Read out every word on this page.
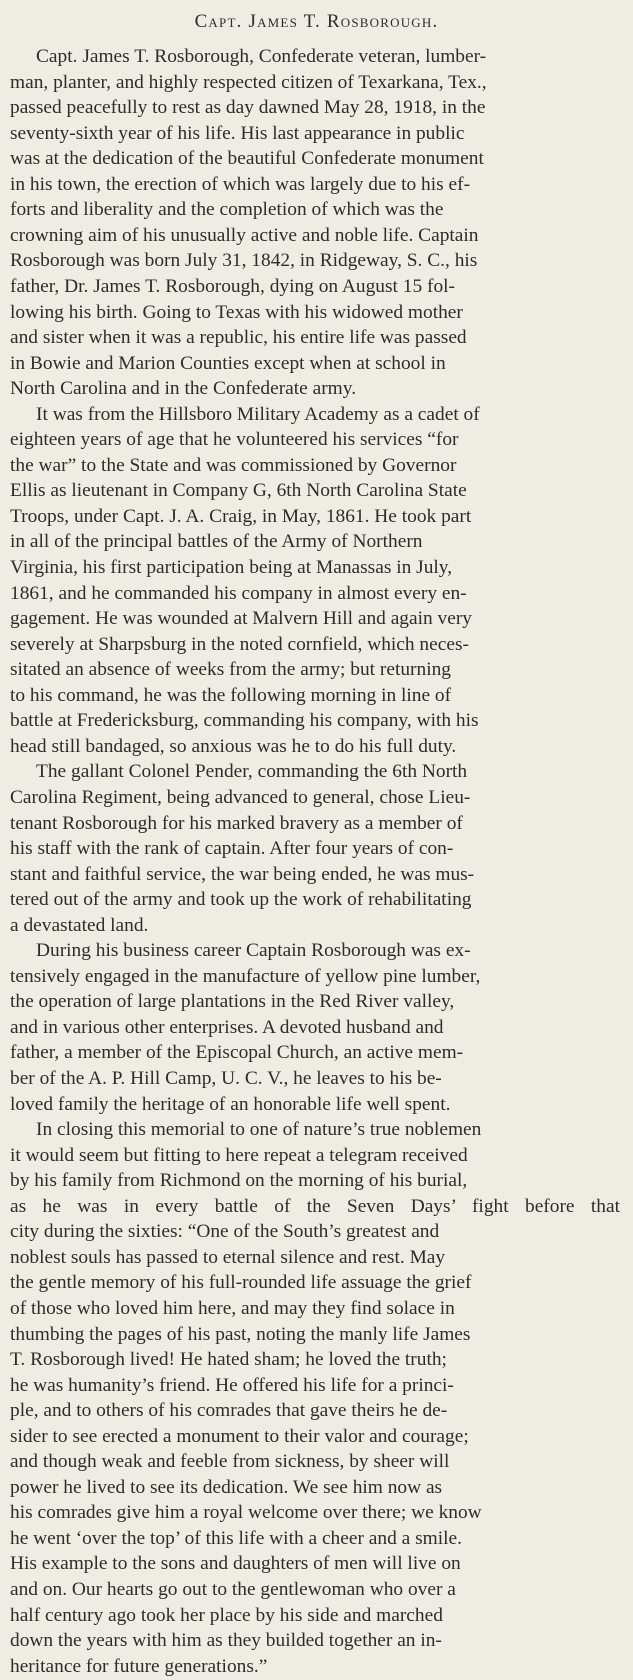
Capt. James T. Rosborough.
Capt. James T. Rosborough, Confederate veteran, lumber-
man, planter, and highly respected citizen of Texarkana, Tex.,
passed peacefully to rest as day dawned May 28, 1918, in the
seventy-sixth year of his life. His last appearance in public
was at the dedication of the beautiful Confederate monument
in his town, the erection of which was largely due to his ef-
forts and liberality and the completion of which was the
crowning aim of his unusually active and noble life. Captain
Rosborough was born July 31, 1842, in Ridgeway, S. C., his
father, Dr. James T. Rosborough, dying on August 15 fol-
lowing his birth. Going to Texas with his widowed mother
and sister when it was a republic, his entire life was passed
in Bowie and Marion Counties except when at school in
North Carolina and in the Confederate army.
It was from the Hillsboro Military Academy as a cadet of
eighteen years of age that he volunteered his services “for
the war” to the State and was commissioned by Governor
Ellis as lieutenant in Company G, 6th North Carolina State
Troops, under Capt. J. A. Craig, in May, 1861. He took part
in all of the principal battles of the Army of Northern
Virginia, his first participation being at Manassas in July,
1861, and he commanded his company in almost every en-
gagement. He was wounded at Malvern Hill and again very
severely at Sharpsburg in the noted cornfield, which neces-
sitated an absence of weeks from the army; but returning
to his command, he was the following morning in line of
battle at Fredericksburg, commanding his company, with his
head still bandaged, so anxious was he to do his full duty.
The gallant Colonel Pender, commanding the 6th North
Carolina Regiment, being advanced to general, chose Lieu-
tenant Rosborough for his marked bravery as a member of
his staff with the rank of captain. After four years of con-
stant and faithful service, the war being ended, he was mus-
tered out of the army and took up the work of rehabilitating
a devastated land.
During his business career Captain Rosborough was ex-
tensively engaged in the manufacture of yellow pine lumber,
the operation of large plantations in the Red River valley,
and in various other enterprises. A devoted husband and
father, a member of the Episcopal Church, an active mem-
ber of the A. P. Hill Camp, U. C. V., he leaves to his be-
loved family the heritage of an honorable life well spent.
In closing this memorial to one of nature’s true noblemen
it would seem but fitting to here repeat a telegram received
by his family from Richmond on the morning of his burial,
as he was in every battle of the Seven Days’ fight before that
city during the sixties: “One of the South’s greatest and
noblest souls has passed to eternal silence and rest. May
the gentle memory of his full-rounded life assuage the grief
of those who loved him here, and may they find solace in
thumbing the pages of his past, noting the manly life James
T. Rosborough lived! He hated sham; he loved the truth;
he was humanity’s friend. He offered his life for a princi-
ple, and to others of his comrades that gave theirs he de-
sider to see erected a monument to their valor and courage;
and though weak and feeble from sickness, by sheer will
power he lived to see its dedication. We see him now as
his comrades give him a royal welcome over there; we know
he went ‘over the top’ of this life with a cheer and a smile.
His example to the sons and daughters of men will live on
and on. Our hearts go out to the gentlewoman who over a
half century ago took her place by his side and marched
down the years with him as they builded together an in-
heritance for future generations.”
